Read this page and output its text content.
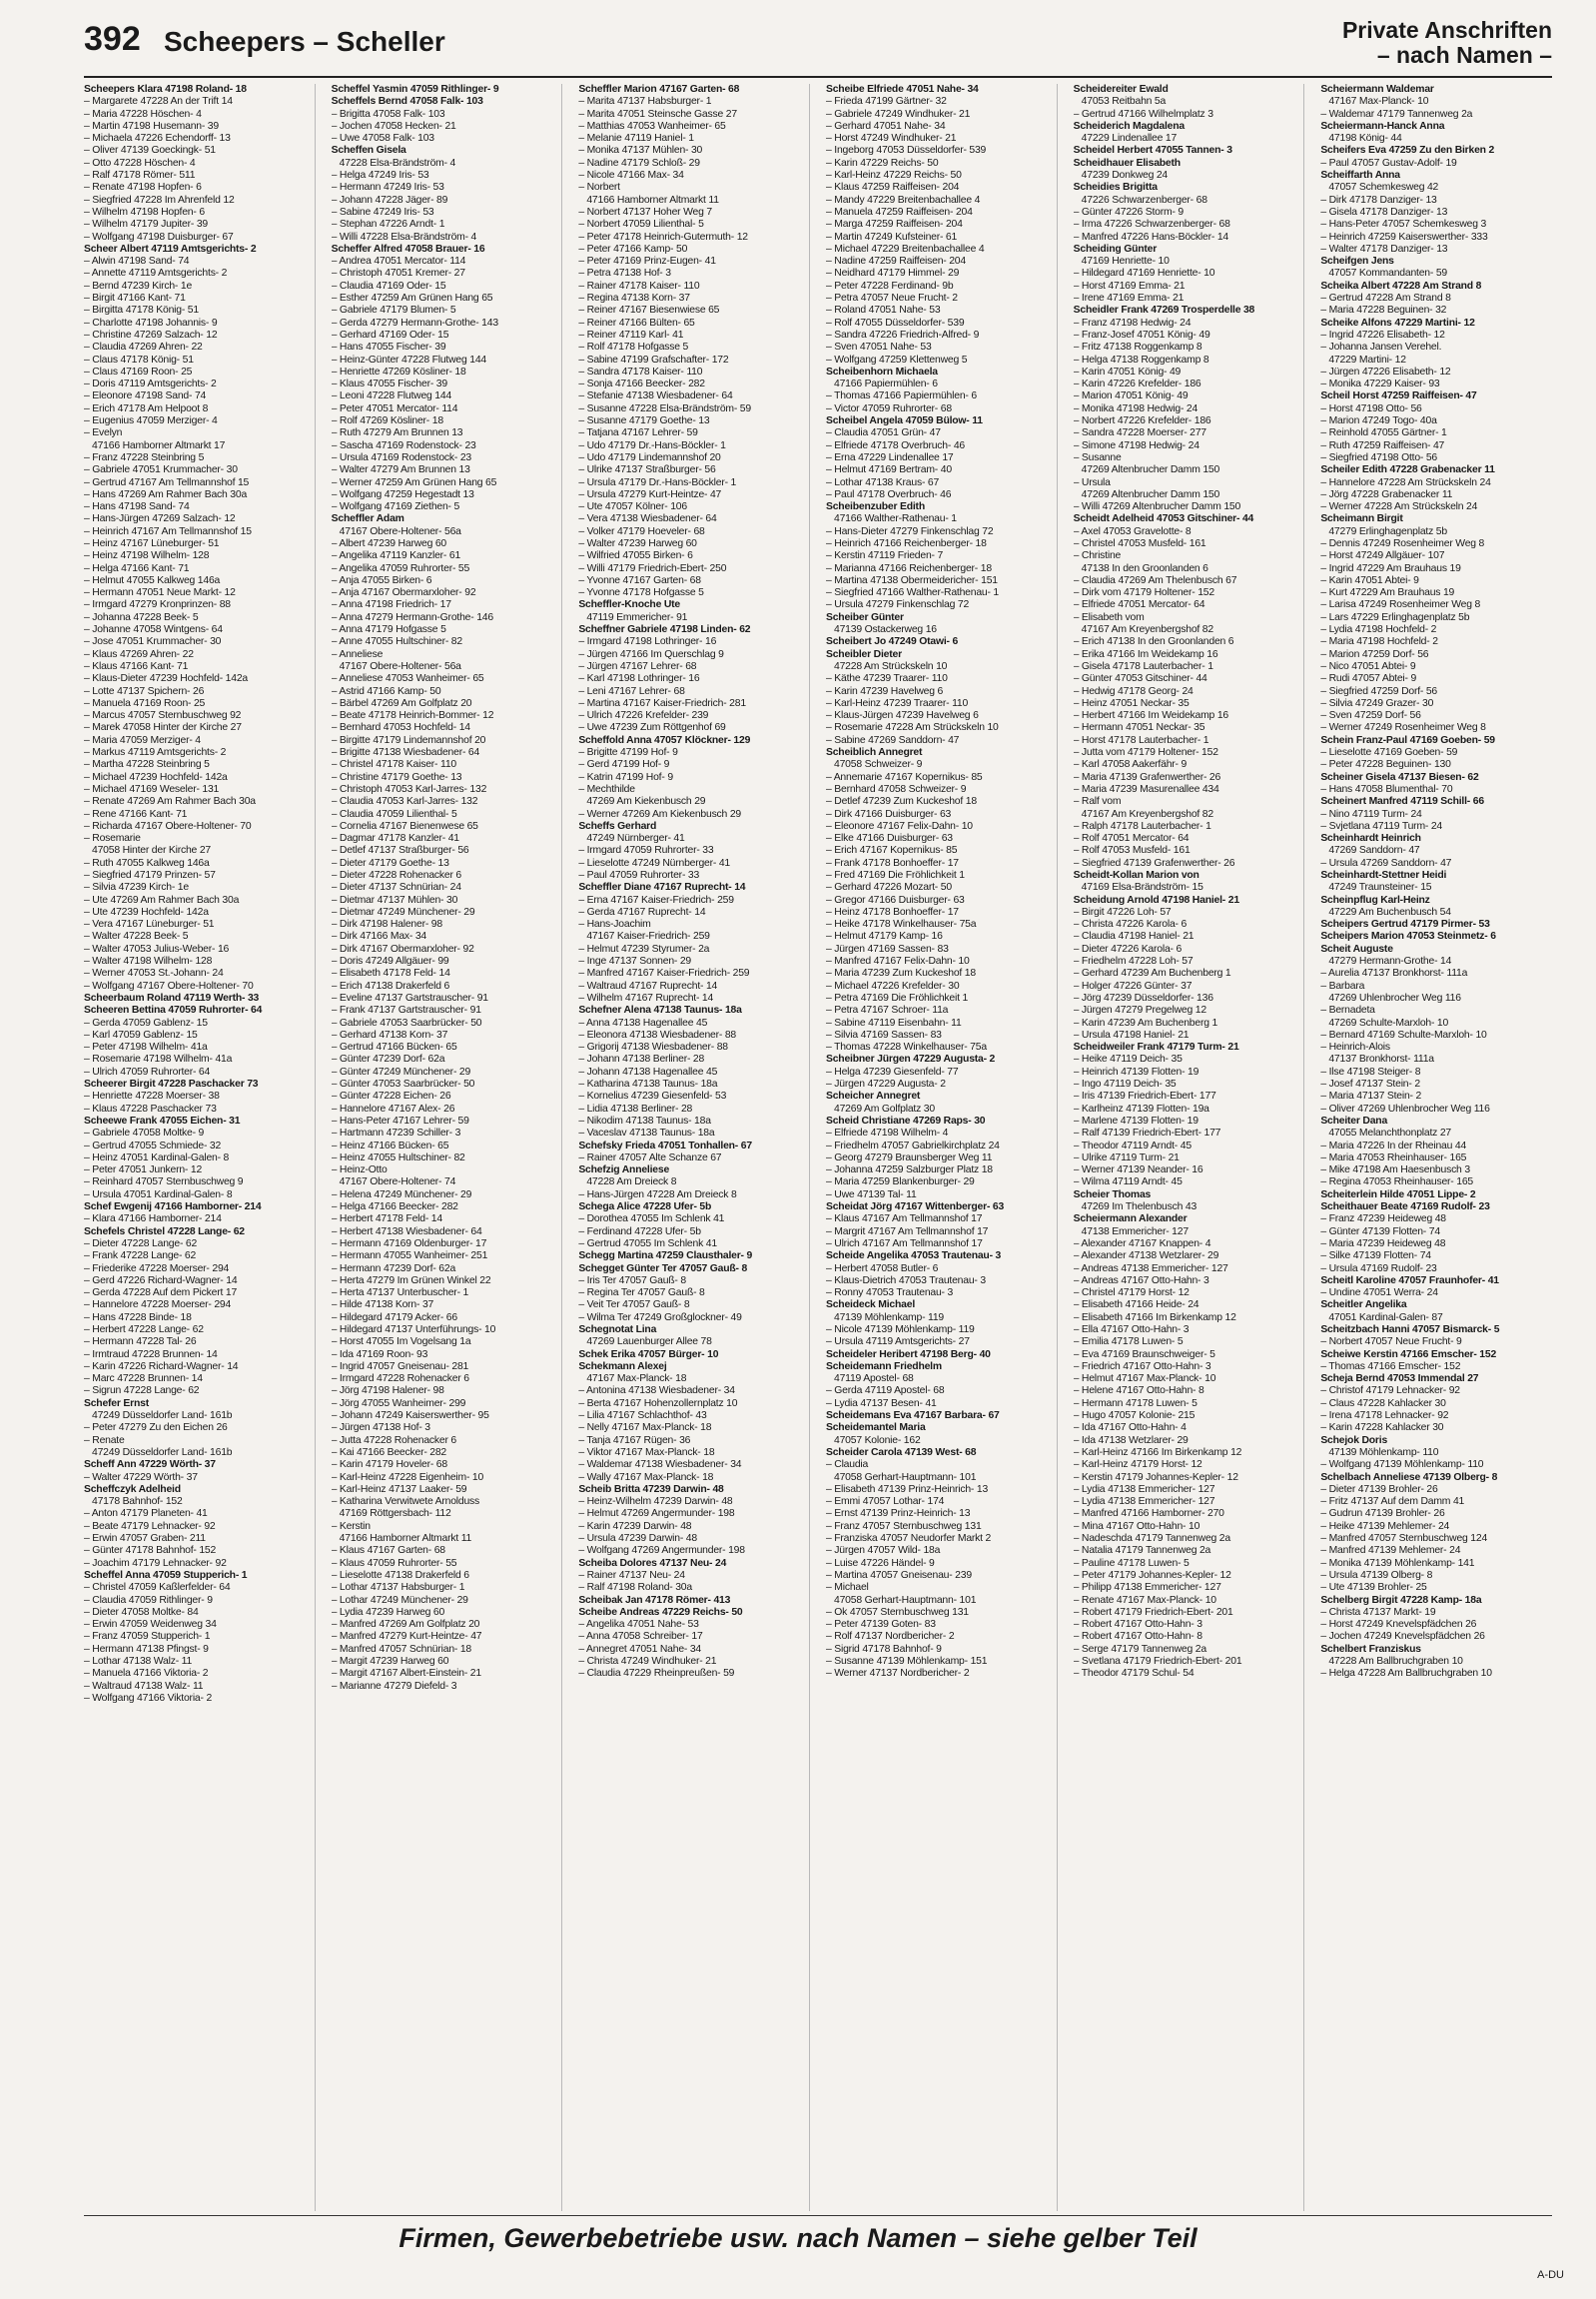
392 Scheepers – Scheller	Private Anschriften
– nach Namen –
Scheepers Klara 47198 Roland- 18
– Margarete 47228 An der Trift 14
– Maria 47228 Höschen- 4
– Martin 47198 Husemann- 39
– Michaela 47226 Echendorff- 13
– Oliver 47139 Goeckingk- 51
– Otto 47228 Höschen- 4
– Ralf 47178 Römer- 511
– Renate 47198 Hopfen- 6
– Siegfried 47228 Im Ahrenfeld 12
– Wilhelm 47198 Hopfen- 6
– Wilhelm 47179 Jupiter- 39
– Wolfgang 47198 Duisburger- 67
Scheer Albert 47119 Amtsgerichts- 2
– Alwin 47198 Sand- 74
– Annette 47119 Amtsgerichts- 2
– Bernd 47239 Kirch- 1e
– Birgit 47166 Kant- 71
– Birgitta 47178 König- 51
– Charlotte 47198 Johannis- 9
– Christine 47269 Salzach- 12
– Claudia 47269 Ahren- 22
– Claus 47178 König- 51
– Claus 47169 Roon- 25
– Doris 47119 Amtsgerichts- 2
– Eleonore 47198 Sand- 74
– Erich 47178 Am Helpoot 8
– Eugenius 47059 Merziger- 4
– Evelyn
47166 Hamborner Altmarkt 17
– Franz 47228 Steinbring 5
– Gabriele 47051 Krummacher- 30
– Gertrud 47167 Am Tellmannshof 15
– Hans 47269 Am Rahmer Bach 30a
– Hans 47198 Sand- 74
– Hans-Jürgen 47269 Salzach- 12
– Heinrich 47167 Am Tellmannshof 15
– Heinz 47167 Lüneburger- 51
– Heinz 47198 Wilhelm- 128
– Helga 47166 Kant- 71
– Helmut 47055 Kalkweg 146a
– Hermann 47051 Neue Markt- 12
– Irmgard 47279 Kronprinzen- 88
– Johanna 47228 Beek- 5
– Johanne 47058 Wintgens- 64
– Jose 47051 Krummacher- 30
– Klaus 47269 Ahren- 22
– Klaus 47166 Kant- 71
– Klaus-Dieter 47239 Hochfeld- 142a
– Lotte 47137 Spichern- 26
– Manuela 47169 Roon- 25
– Marcus 47057 Sternbuschweg 92
– Marek 47058 Hinter der Kirche 27
– Maria 47059 Merziger- 4
– Markus 47119 Amtsgerichts- 2
– Martha 47228 Steinbring 5
– Michael 47239 Hochfeld- 142a
– Michael 47169 Weseler- 131
– Renate 47269 Am Rahmer Bach 30a
– Rene 47166 Kant- 71
– Richarda 47167 Obere-Holtener- 70
– Rosemarie
47058 Hinter der Kirche 27
– Ruth 47055 Kalkweg 146a
– Siegfried 47179 Prinzen- 57
– Silvia 47239 Kirch- 1e
– Ute 47269 Am Rahmer Bach 30a
– Ute 47239 Hochfeld- 142a
– Vera 47167 Lüneburger- 51
– Walter 47228 Beek- 5
– Walter 47053 Julius-Weber- 16
– Walter 47198 Wilhelm- 128
– Werner 47053 St.-Johann- 24
– Wolfgang 47167 Obere-Holtener- 70
Scheerbaum Roland 47119 Werth- 33
Scheeren Bettina 47059 Ruhrorter- 64
– Gerda 47059 Gablenz- 15
– Karl 47059 Gablenz- 15
– Peter 47198 Wilhelm- 41a
– Rosemarie 47198 Wilhelm- 41a
– Ulrich 47059 Ruhrorter- 64
Scheerer Birgit 47228 Paschacker 73
– Henriette 47228 Moerser- 38
– Klaus 47228 Paschacker 73
Scheewe Frank 47055 Eichen- 31
– Gabriele 47058 Moltke- 9
– Gertrud 47055 Schmiede- 32
– Heinz 47051 Kardinal-Galen- 8
– Peter 47051 Junkern- 12
– Reinhard 47057 Sternbuschweg 9
– Ursula 47051 Kardinal-Galen- 8
Schef Ewgenij 47166 Hamborner- 214
– Klara 47166 Hamborner- 214
Schefels Christel 47228 Lange- 62
– Dieter 47228 Lange- 62
– Frank 47228 Lange- 62
– Friederike 47228 Moerser- 294
– Gerd 47226 Richard-Wagner- 14
– Gerda 47228 Auf dem Pickert 17
– Hannelore 47228 Moerser- 294
– Hans 47228 Binde- 18
– Herbert 47228 Lange- 62
– Hermann 47228 Tal- 26
– Irmtraud 47228 Brunnen- 14
– Karin 47226 Richard-Wagner- 14
– Marc 47228 Brunnen- 14
– Sigrun 47228 Lange- 62
Schefer Ernst
47249 Düsseldorfer Land- 161b
– Peter 47279 Zu den Eichen 26
– Renate
47249 Düsseldorfer Land- 161b
Scheff Ann 47229 Wörth- 37
– Walter 47229 Wörth- 37
Scheffczyk Adelheid
47178 Bahnhof- 152
– Anton 47179 Planeten- 41
– Beate 47179 Lehnacker- 92
– Erwin 47057 Graben- 211
– Günter 47178 Bahnhof- 152
– Joachim 47179 Lehnacker- 92
Scheffel Anna 47059 Stupperich- 1
– Christel 47059 Kaßlerfelder- 64
– Claudia 47059 Rithlinger- 9
– Dieter 47058 Moltke- 84
– Erwin 47059 Weidenweg 34
– Franz 47059 Stupperich- 1
– Hermann 47138 Pfingst- 9
– Lothar 47138 Walz- 11
– Manuela 47166 Viktoria- 2
– Waltraud 47138 Walz- 11
– Wolfgang 47166 Viktoria- 2
Scheffel Yasmin 47059 Rithlinger- 9
Scheffels Bernd 47058 Falk- 103
– Brigitta 47058 Falk- 103
– Jochen 47058 Hecken- 21
– Uwe 47058 Falk- 103
Scheffen Gisela
47228 Elsa-Brändström- 4
– Helga 47249 Iris- 53
– Hermann 47249 Iris- 53
– Johann 47228 Jäger- 89
– Sabine 47249 Iris- 53
– Stephan 47226 Arndt- 1
– Willi 47228 Elsa-Brändström- 4
Scheffer Alfred 47058 Brauer- 16
– Andrea 47051 Mercator- 114
– Christoph 47051 Kremer- 27
– Claudia 47169 Oder- 15
– Esther 47259 Am Grünen Hang 65
– Gabriele 47179 Blumen- 5
– Gerda 47279 Hermann-Grothe- 143
– Gerhard 47169 Oder- 15
– Hans 47055 Fischer- 39
– Heinz-Günter 47228 Flutweg 144
– Henriette 47269 Kösliner- 18
– Klaus 47055 Fischer- 39
– Leoni 47228 Flutweg 144
– Peter 47051 Mercator- 114
– Rolf 47269 Kösliner- 18
– Ruth 47279 Am Brunnen 13
– Sascha 47169 Rodenstock- 23
– Ursula 47169 Rodenstock- 23
– Walter 47279 Am Brunnen 13
– Werner 47259 Am Grünen Hang 65
– Wolfgang 47259 Hegestadt 13
– Wolfgang 47169 Ziethen- 5
Scheffler Adam
47167 Obere-Holtener- 56a
– Albert 47239 Harweg 60
– Angelika 47119 Kanzler- 61
– Angelika 47059 Ruhrorter- 55
– Anja 47055 Birken- 6
– Anja 47167 Obermarxloher- 92
– Anna 47198 Friedrich- 17
– Anna 47279 Hermann-Grothe- 146
– Anna 47179 Hofgasse 5
– Anne 47055 Hultschiner- 82
– Anneliese
47167 Obere-Holtener- 56a
– Anneliese 47053 Wanheimer- 65
– Astrid 47166 Kamp- 50
– Bärbel 47269 Am Golfplatz 20
– Beate 47178 Heinrich-Bommer- 12
– Bernhard 47053 Hochfeld- 14
– Birgitte 47179 Lindemannshof 20
– Brigitte 47138 Wiesbadener- 64
– Christel 47178 Kaiser- 110
– Christine 47179 Goethe- 13
– Christoph 47053 Karl-Jarres- 132
– Claudia 47053 Karl-Jarres- 132
– Claudia 47059 Lilienthal- 5
– Cornelia 47167 Bienenwese 65
– Dagmar 47178 Kanzler- 41
– Detlef 47137 Straßburger- 56
– Dieter 47179 Goethe- 13
– Dieter 47228 Rohenacker 6
– Dieter 47137 Schnürian- 24
– Dietmar 47137 Mühlen- 30
– Dietmar 47249 Münchener- 29
– Dirk 47198 Halener- 98
– Dirk 47166 Max- 34
– Dirk 47167 Obermarxloher- 92
– Doris 47249 Allgäuer- 99
– Elisabeth 47178 Feld- 14
– Erich 47138 Drakerfeld 6
– Eveline 47137 Gartstrauscher- 91
– Frank 47137 Gartstrauscher- 91
– Gabriele 47053 Saarbrücker- 50
– Gerhard 47138 Korn- 37
– Gertrud 47166 Bücken- 65
– Günter 47239 Dorf- 62a
– Günter 47249 Münchener- 29
– Günter 47053 Saarbrücker- 50
– Günter 47228 Eichen- 26
– Hannelore 47167 Alex- 26
– Hans-Peter 47167 Lehrer- 59
– Hartmann 47239 Schiller- 3
– Heinz 47166 Bücken- 65
– Heinz 47055 Hultschiner- 82
– Heinz-Otto
47167 Obere-Holtener- 74
– Helena 47249 Münchener- 29
– Helga 47166 Beecker- 282
– Herbert 47178 Feld- 14
– Herbert 47138 Wiesbadener- 64
– Hermann 47169 Oldenburger- 17
– Hermann 47055 Wanheimer- 251
– Hermann 47239 Dorf- 62a
– Herta 47279 Im Grünen Winkel 22
– Herta 47137 Unterbuscher- 1
– Hilde 47138 Korn- 37
– Hildegard 47179 Acker- 66
– Hildegard 47137 Unterführungs- 10
– Horst 47055 Im Vogelsang 1a
– Ida 47169 Roon- 93
– Ingrid 47057 Gneisenau- 281
– Irmgard 47228 Rohenacker 6
– Jörg 47198 Halener- 98
– Jörg 47055 Wanheimer- 299
– Johann 47249 Kaiserswerther- 95
– Jürgen 47138 Hof- 3
– Jutta 47228 Rohenacker 6
– Kai 47166 Beecker- 282
– Karin 47179 Hoveler- 68
– Karl-Heinz 47228 Eigenheim- 10
– Karl-Heinz 47137 Laaker- 59
– Katharina Verwitwete Arnolduss
47169 Röttgersbach- 112
– Kerstin
47166 Hamborner Altmarkt 11
– Klaus 47167 Garten- 68
– Klaus 47059 Ruhrorter- 55
– Lieselotte 47138 Drakerfeld 6
– Lothar 47137 Habsburger- 1
– Lothar 47249 Münchener- 29
– Lydia 47239 Harweg 60
– Manfred 47269 Am Golfplatz 20
– Manfred 47279 Kurt-Heintze- 47
– Manfred 47057 Schnürian- 18
– Margit 47239 Harweg 60
– Margit 47167 Albert-Einstein- 21
– Marianne 47279 Diefeld- 3
Scheffler Marion 47167 Garten- 68
– Marita 47137 Habsburger- 1
– Marita 47051 Steinsche Gasse 27
– Matthias 47053 Wanheimer- 65
– Melanie 47119 Haniel- 1
– Monika 47137 Mühlen- 30
– Nadine 47179 Schloß- 29
– Nicole 47166 Max- 34
– Norbert
47166 Hamborner Altmarkt 11
– Norbert 47137 Hoher Weg 7
– Norbert 47059 Lilienthal- 5
– Peter 47178 Heinrich-Gutermuth- 12
– Peter 47166 Kamp- 50
– Peter 47169 Prinz-Eugen- 41
– Petra 47138 Hof- 3
– Rainer 47178 Kaiser- 110
– Regina 47138 Korn- 37
– Reiner 47167 Biesenwiese 65
– Reiner 47166 Bülten- 65
– Reiner 47119 Karl- 41
– Rolf 47178 Hofgasse 5
– Sabine 47199 Grafschafter- 172
– Sandra 47178 Kaiser- 110
– Sonja 47166 Beecker- 282
– Stefanie 47138 Wiesbadener- 64
– Susanne 47228 Elsa-Brändström- 59
– Susanne 47179 Goethe- 13
– Tatjana 47167 Lehrer- 59
– Udo 47179 Dr.-Hans-Böckler- 1
– Udo 47179 Lindemannshof 20
– Ulrike 47137 Straßburger- 56
– Ursula 47179 Dr.-Hans-Böckler- 1
– Ursula 47279 Kurt-Heintze- 47
– Ute 47057 Kölner- 106
– Vera 47138 Wiesbadener- 64
– Volker 47179 Hoeveler- 68
– Walter 47239 Harweg 60
– Wilfried 47055 Birken- 6
– Willi 47179 Friedrich-Ebert- 250
– Yvonne 47167 Garten- 68
– Yvonne 47178 Hofgasse 5
Scheffler-Knoche Ute
47119 Emmericher- 91
Scheffner Gabriele 47198 Linden- 62
– Irmgard 47198 Lothringer- 16
– Jürgen 47166 Im Querschlag 9
– Jürgen 47167 Lehrer- 68
– Karl 47198 Lothringer- 16
– Leni 47167 Lehrer- 68
– Martina 47167 Kaiser-Friedrich- 281
– Ulrich 47226 Krefelder- 239
– Uwe 47239 Zum Röttgenhof 69
Scheffold Anna 47057 Klöckner- 129
– Brigitte 47199 Hof- 9
– Gerd 47199 Hof- 9
– Katrin 47199 Hof- 9
– Mechthilde
47269 Am Kiekenbusch 29
– Werner 47269 Am Kiekenbusch 29
Scheffs Gerhard
47249 Nürnberger- 41
– Irmgard 47059 Ruhrorter- 33
– Lieselotte 47249 Nürnberger- 41
– Paul 47059 Ruhrorter- 33
Scheffler Diane 47167 Ruprecht- 14
– Erna 47167 Kaiser-Friedrich- 259
– Gerda 47167 Ruprecht- 14
– Hans-Joachim
47167 Kaiser-Friedrich- 259
– Helmut 47239 Styrumer- 2a
– Inge 47137 Sonnen- 29
– Manfred 47167 Kaiser-Friedrich- 259
– Waltraud 47167 Ruprecht- 14
– Wilhelm 47167 Ruprecht- 14
Schefner Alena 47138 Taunus- 18a
– Anna 47138 Hagenallee 45
– Eleonora 47138 Wiesbadener- 88
– Grigorij 47138 Wiesbadener- 88
– Johann 47138 Berliner- 28
– Johann 47138 Hagenallee 45
– Katharina 47138 Taunus- 18a
– Kornelius 47239 Giesenfeld- 53
– Lidia 47138 Berliner- 28
– Nikodim 47138 Taunus- 18a
– Vaceslav 47138 Taunus- 18a
Schefsky Frieda 47051 Tonhallen- 67
– Rainer 47057 Alte Schanze 67
Schefzig Anneliese
47228 Am Dreieck 8
– Hans-Jürgen 47228 Am Dreieck 8
Schega Alice 47228 Ufer- 5b
– Dorothea 47055 Im Schlenk 41
– Ferdinand 47228 Ufer- 5b
– Gertrud 47055 Im Schlenk 41
Schegg Martina 47259 Clausthaler- 9
Schegget Günter Ter 47057 Gauß- 8
– Iris Ter 47057 Gauß- 8
– Regina Ter 47057 Gauß- 8
– Veit Ter 47057 Gauß- 8
– Wilma Ter 47249 Großglockner- 49
Schegnotat Lina
47269 Lauenburger Allee 78
Schek Erika 47057 Bürger- 10
Schekmann Alexej
47167 Max-Planck- 18
– Antonina 47138 Wiesbadener- 34
– Berta 47167 Hohenzollernplatz 10
– Lilia 47167 Schlachthof- 43
– Nelly 47167 Max-Planck- 18
– Tanja 47167 Rügen- 36
– Viktor 47167 Max-Planck- 18
– Waldemar 47138 Wiesbadener- 34
– Wally 47167 Max-Planck- 18
Scheib Britta 47239 Darwin- 48
– Heinz-Wilhelm 47239 Darwin- 48
– Helmut 47269 Angermunder- 198
– Karin 47239 Darwin- 48
– Ursula 47239 Darwin- 48
– Wolfgang 47269 Angermunder- 198
Scheiba Dolores 47137 Neu- 24
– Rainer 47137 Neu- 24
– Ralf 47198 Roland- 30a
Scheibak Jan 47178 Römer- 413
Scheibe Andreas 47229 Reichs- 50
– Angelika 47051 Nahe- 53
– Anna 47058 Schreiber- 17
– Annegret 47051 Nahe- 34
– Christa 47249 Windhuker- 21
– Claudia 47229 Rheinpreußen- 59
Scheibe Elfriede 47051 Nahe- 34
– Frieda 47199 Gärtner- 32
– Gabriele 47249 Windhuker- 21
– Gerhard 47051 Nahe- 34
– Horst 47249 Windhuker- 21
– Ingeborg 47053 Düsseldorfer- 539
– Karin 47229 Reichs- 50
– Karl-Heinz 47229 Reichs- 50
– Klaus 47259 Raiffeisen- 204
– Mandy 47229 Breitenbachallee 4
– Manuela 47259 Raiffeisen- 204
– Marga 47259 Raiffeisen- 204
– Martin 47249 Kufsteiner- 61
– Michael 47229 Breitenbachallee 4
– Nadine 47259 Raiffeisen- 204
– Neidhard 47179 Himmel- 29
– Peter 47228 Ferdinand- 9b
– Petra 47057 Neue Frucht- 2
– Roland 47051 Nahe- 53
– Rolf 47055 Düsseldorfer- 539
– Sandra 47226 Friedrich-Alfred- 9
– Sven 47051 Nahe- 53
– Wolfgang 47259 Klettenweg 5
Scheibenhorn Michaela
47166 Papiermühlen- 6
– Thomas 47166 Papiermühlen- 6
– Victor 47059 Ruhrorter- 68
Scheibel Angela 47059 Bülow- 11
– Claudia 47051 Grün- 47
– Elfriede 47178 Overbruch- 46
– Erna 47229 Lindenallee 17
– Helmut 47169 Bertram- 40
– Lothar 47138 Kraus- 67
– Paul 47178 Overbruch- 46
Scheibenzuber Edith
47166 Walther-Rathenau- 1
– Hans-Dieter 47279 Finkenschlag 72
– Heinrich 47166 Reichenberger- 18
– Kerstin 47119 Frieden- 7
– Marianna 47166 Reichenberger- 18
– Martina 47138 Obermeidericher- 151
– Siegfried 47166 Walther-Rathenau- 1
– Ursula 47279 Finkenschlag 72
Scheiber Günter
47139 Ostackerweg 16
Scheibert Jo 47249 Otawi- 6
Scheibler Dieter
47228 Am Strückskeln 10
– Käthe 47239 Traarer- 110
– Karin 47239 Havelweg 6
– Karl-Heinz 47239 Traarer- 110
– Klaus-Jürgen 47239 Havelweg 6
– Rosemarie 47228 Am Strückskeln 10
– Sabine 47269 Sanddorn- 47
Scheiblich Annegret
47058 Schweizer- 9
– Annemarie 47167 Kopernikus- 85
– Bernhard 47058 Schweizer- 9
– Detlef 47239 Zum Kuckeshof 18
– Dirk 47166 Duisburger- 63
– Eleonore 47167 Felix-Dahn- 10
– Elke 47166 Duisburger- 63
– Erich 47167 Kopernikus- 85
– Frank 47178 Bonhoeffer- 17
– Fred 47169 Die Fröhlichkeit 1
– Gerhard 47226 Mozart- 50
– Gregor 47166 Duisburger- 63
– Heinz 47178 Bonhoeffer- 17
– Heike 47178 Winkelhauser- 75a
– Helmut 47179 Kamp- 16
– Jürgen 47169 Sassen- 83
– Manfred 47167 Felix-Dahn- 10
– Maria 47239 Zum Kuckeshof 18
– Michael 47226 Krefelder- 30
– Petra 47169 Die Fröhlichkeit 1
– Petra 47167 Schroer- 11a
– Sabine 47119 Eisenbahn- 11
– Silvia 47169 Sassen- 83
– Thomas 47228 Winkelhauser- 75a
Scheibner Jürgen 47229 Augusta- 2
– Helga 47239 Giesenfeld- 77
– Jürgen 47229 Augusta- 2
Scheicher Annegret
47269 Am Golfplatz 30
Scheid Christiane 47269 Raps- 30
– Elfriede 47198 Wilhelm- 4
– Friedhelm 47057 Gabrielkirchplatz 24
– Georg 47279 Braunsberger Weg 11
– Johanna 47259 Salzburger Platz 18
– Maria 47259 Blankenburger- 29
– Uwe 47139 Tal- 11
Scheidat Jörg 47167 Wittenberger- 63
– Klaus 47167 Am Tellmannshof 17
– Margrit 47167 Am Tellmannshof 17
– Ulrich 47167 Am Tellmannshof 17
Scheide Angelika 47053 Trautenau- 3
– Herbert 47058 Butler- 6
– Klaus-Dietrich 47053 Trautenau- 3
– Ronny 47053 Trautenau- 3
Scheideck Michael
47139 Möhlenkamp- 119
– Nicole 47139 Möhlenkamp- 119
– Ursula 47119 Amtsgerichts- 27
Scheideler Heribert 47198 Berg- 40
Scheidemann Friedhelm
47119 Apostel- 68
– Gerda 47119 Apostel- 68
– Lydia 47137 Besen- 41
Scheidemans Eva 47167 Barbara- 67
Scheidemantel Maria
47057 Kolonie- 162
Scheider Carola 47139 West- 68
– Claudia
47058 Gerhart-Hauptmann- 101
– Elisabeth 47139 Prinz-Heinrich- 13
– Emmi 47057 Lothar- 174
– Ernst 47139 Prinz-Heinrich- 13
– Franz 47057 Sternbuschweg 131
– Franziska 47057 Neudorfer Markt 2
– Jürgen 47057 Wild- 18a
– Luise 47226 Händel- 9
– Martina 47057 Gneisenau- 239
– Michael
47058 Gerhart-Hauptmann- 101
– Ok 47057 Sternbuschweg 131
– Peter 47139 Goten- 83
– Rolf 47137 Nordbericher- 2
– Sigrid 47178 Bahnhof- 9
– Susanne 47139 Möhlenkamp- 151
– Werner 47137 Nordbericher- 2
Scheidereiter Ewald
47053 Reitbahn 5a
– Gertrud 47166 Wilhelmplatz 3
Scheiderich Magdalena
47229 Lindenallee 17
Scheidel Herbert 47055 Tannen- 3
Scheidhauer Elisabeth
47239 Donkweg 24
Scheidies Brigitta
47226 Schwarzenberger- 68
– Günter 47226 Storm- 9
– Irma 47226 Schwarzenberger- 68
– Manfred 47226 Hans-Böckler- 14
Scheiding Günter
47169 Henriette- 10
– Hildegard 47169 Henriette- 10
– Horst 47169 Emma- 21
– Irene 47169 Emma- 21
Scheidler Frank 47269 Trosperdelle 38
– Franz 47198 Hedwig- 24
– Franz-Josef 47051 König- 49
– Fritz 47138 Roggenkamp 8
– Helga 47138 Roggenkamp 8
– Karin 47051 König- 49
– Karin 47226 Krefelder- 186
– Marion 47051 König- 49
– Monika 47198 Hedwig- 24
– Norbert 47226 Krefelder- 186
– Sandra 47228 Moerser- 277
– Simone 47198 Hedwig- 24
– Susanne
47269 Altenbrucher Damm 150
– Ursula
47269 Altenbrucher Damm 150
– Willi 47269 Altenbrucher Damm 150
Scheidt Adelheid 47053 Gitschiner- 44
– Axel 47053 Gravelotte- 8
– Christel 47053 Musfeld- 161
– Christine
47138 In den Groonlanden 6
– Claudia 47269 Am Thelenbusch 67
– Dirk vom 47179 Holtener- 152
– Elfriede 47051 Mercator- 64
– Elisabeth vom
47167 Am Kreyenbergshof 82
– Erich 47138 In den Groonlanden 6
– Erika 47166 Im Weidekamp 16
– Gisela 47178 Lauterbacher- 1
– Günter 47053 Gitschiner- 44
– Hedwig 47178 Georg- 24
– Heinz 47051 Neckar- 35
– Herbert 47166 Im Weidekamp 16
– Hermann 47051 Neckar- 35
– Horst 47178 Lauterbacher- 1
– Jutta vom 47179 Holtener- 152
– Karl 47058 Aakerfähr- 9
– Maria 47139 Grafenwerther- 26
– Maria 47239 Masurenallee 434
– Ralf vom
47167 Am Kreyenbergshof 82
– Ralph 47178 Lauterbacher- 1
– Rolf 47051 Mercator- 64
– Rolf 47053 Musfeld- 161
– Siegfried 47139 Grafenwerther- 26
Scheidt-Kollan Marion von
47169 Elsa-Brändström- 15
Scheidung Arnold 47198 Haniel- 21
– Birgit 47226 Loh- 57
– Christa 47226 Karola- 6
– Claudia 47198 Haniel- 21
– Dieter 47226 Karola- 6
– Friedhelm 47228 Loh- 57
– Gerhard 47239 Am Buchenberg 1
– Holger 47226 Günter- 37
– Jörg 47239 Düsseldorfer- 136
– Jürgen 47279 Pregelweg 12
– Karin 47239 Am Buchenberg 1
– Ursula 47198 Haniel- 21
Scheidweiler Frank 47179 Turm- 21
– Heike 47119 Deich- 35
– Heinrich 47139 Flotten- 19
– Ingo 47119 Deich- 35
– Iris 47139 Friedrich-Ebert- 177
– Karlheinz 47139 Flotten- 19a
– Marlene 47139 Flotten- 19
– Ralf 47139 Friedrich-Ebert- 177
– Theodor 47119 Arndt- 45
– Ulrike 47119 Turm- 21
– Werner 47139 Neander- 16
– Wilma 47119 Arndt- 45
Scheier Thomas
47269 Im Thelenbusch 43
Scheiermann Alexander
47138 Emmericher- 127
– Alexander 47167 Knappen- 4
– Alexander 47138 Wetzlarer- 29
– Andreas 47138 Emmericher- 127
– Andreas 47167 Otto-Hahn- 3
– Christel 47179 Horst- 12
– Elisabeth 47166 Heide- 24
– Elisabeth 47166 Im Birkenkamp 12
– Ella 47167 Otto-Hahn- 3
– Emilia 47178 Luwen- 5
– Eva 47169 Braunschweiger- 5
– Friedrich 47167 Otto-Hahn- 3
– Helmut 47167 Max-Planck- 10
– Helene 47167 Otto-Hahn- 8
– Hermann 47178 Luwen- 5
– Hugo 47057 Kolonie- 215
– Ida 47167 Otto-Hahn- 4
– Ida 47138 Wetzlarer- 29
– Karl-Heinz 47166 Im Birkenkamp 12
– Karl-Heinz 47179 Horst- 12
– Kerstin 47179 Johannes-Kepler- 12
– Lydia 47138 Emmericher- 127
– Lydia 47138 Emmericher- 127
– Manfred 47166 Hamborner- 270
– Mina 47167 Otto-Hahn- 10
– Nadeschda 47179 Tannenweg 2a
– Natalia 47179 Tannenweg 2a
– Pauline 47178 Luwen- 5
– Peter 47179 Johannes-Kepler- 12
– Philipp 47138 Emmericher- 127
– Renate 47167 Max-Planck- 10
– Robert 47179 Friedrich-Ebert- 201
– Robert 47167 Otto-Hahn- 3
– Robert 47167 Otto-Hahn- 8
– Serge 47179 Tannenweg 2a
– Svetlana 47179 Friedrich-Ebert- 201
– Theodor 47179 Schul- 54
Scheiermann Waldemar
47167 Max-Planck- 10
– Waldemar 47179 Tannenweg 2a
Scheiermann-Hanck Anna
47198 König- 44
Scheifers Eva 47259 Zu den Birken 2
– Paul 47057 Gustav-Adolf- 19
Scheiffarth Anna
47057 Schemkesweg 42
– Dirk 47178 Danziger- 13
– Gisela 47178 Danziger- 13
– Hans-Peter 47057 Schemkesweg 3
– Heinrich 47259 Kaiserswerther- 333
– Walter 47178 Danziger- 13
Scheifgen Jens
47057 Kommandanten- 59
Scheika Albert 47228 Am Strand 8
– Gertrud 47228 Am Strand 8
– Maria 47228 Beguinen- 32
Scheike Alfons 47229 Martini- 12
– Ingrid 47226 Elisabeth- 12
– Johanna Jansen Verehel.
47229 Martini- 12
– Jürgen 47226 Elisabeth- 12
– Monika 47229 Kaiser- 93
Scheil Horst 47259 Raiffeisen- 47
– Horst 47198 Otto- 56
– Marion 47249 Togo- 40a
– Reinhold 47055 Gärtner- 1
– Ruth 47259 Raiffeisen- 47
– Siegfried 47198 Otto- 56
Scheiler Edith 47228 Grabenacker 11
– Hannelore 47228 Am Strückskeln 24
– Jörg 47228 Grabenacker 11
– Werner 47228 Am Strückskeln 24
Scheimann Birgit
47279 Erlinghagenplatz 5b
– Dennis 47249 Rosenheimer Weg 8
– Horst 47249 Allgäuer- 107
– Ingrid 47229 Am Brauhaus 19
– Karin 47051 Abtei- 9
– Kurt 47229 Am Brauhaus 19
– Larisa 47249 Rosenheimer Weg 8
– Lars 47229 Erlinghagenplatz 5b
– Lydia 47198 Hochfeld- 2
– Maria 47198 Hochfeld- 2
– Marion 47259 Dorf- 56
– Nico 47051 Abtei- 9
– Rudi 47057 Abtei- 9
– Siegfried 47259 Dorf- 56
– Silvia 47249 Grazer- 30
– Sven 47259 Dorf- 56
– Werner 47249 Rosenheimer Weg 8
Schein Franz-Paul 47169 Goeben- 59
– Lieselotte 47169 Goeben- 59
– Peter 47228 Beguinen- 130
Scheiner Gisela 47137 Biesen- 62
– Hans 47058 Blumenthal- 70
Scheinert Manfred 47119 Schill- 66
– Nino 47119 Turm- 24
– Svjetlana 47119 Turm- 24
Scheinhardt Heinrich
47269 Sanddorn- 47
– Ursula 47269 Sanddorn- 47
Scheinhardt-Stettner Heidi
47249 Traunsteiner- 15
Scheinpflug Karl-Heinz
47229 Am Buchenbusch 54
Scheipers Gertrud 47179 Pirmer- 53
Scheipers Marion 47053 Steinmetz- 6
Scheit Auguste
47279 Hermann-Grothe- 14
– Aurelia 47137 Bronkhorst- 111a
– Barbara
47269 Uhlenbrocher Weg 116
– Bernadeta
47269 Schulte-Marxloh- 10
– Bernard 47169 Schulte-Marxloh- 10
– Heinrich-Alois
47137 Bronkhorst- 111a
– Ilse 47198 Steiger- 8
– Josef 47137 Stein- 2
– Maria 47137 Stein- 2
– Oliver 47269 Uhlenbrocher Weg 116
Scheiter Dana
47055 Melanchthonplatz 27
– Maria 47226 In der Rheinau 44
– Maria 47053 Rheinhauser- 165
– Mike 47198 Am Haesenbusch 3
– Regina 47053 Rheinhauser- 165
Scheiterlein Hilde 47051 Lippe- 2
Scheithauer Beate 47169 Rudolf- 23
– Franz 47239 Heideweg 48
– Günter 47139 Flotten- 74
– Maria 47239 Heideweg 48
– Silke 47139 Flotten- 74
– Ursula 47169 Rudolf- 23
Scheitl Karoline 47057 Fraunhofer- 41
– Undine 47051 Werra- 24
Scheitler Angelika
47051 Kardinal-Galen- 87
Scheitzbach Hanni 47057 Bismarck- 5
– Norbert 47057 Neue Frucht- 9
Scheiwe Kerstin 47166 Emscher- 152
– Thomas 47166 Emscher- 152
Scheja Bernd 47053 Immendal 27
– Christof 47179 Lehnacker- 92
– Claus 47228 Kahlacker 30
– Irena 47178 Lehnacker- 92
– Karin 47228 Kahlacker 30
Schejok Doris
47139 Möhlenkamp- 110
– Wolfgang 47139 Möhlenkamp- 110
Schelbach Anneliese 47139 Olberg- 8
– Dieter 47139 Brohler- 26
– Fritz 47137 Auf dem Damm 41
– Gudrun 47139 Brohler- 26
– Heike 47139 Mehlemer- 24
– Manfred 47057 Sternbuschweg 124
– Manfred 47139 Mehlemer- 24
– Monika 47139 Möhlenkamp- 141
– Ursula 47139 Olberg- 8
– Ute 47139 Brohler- 25
Schelberg Birgit 47228 Kamp- 18a
– Christa 47137 Markt- 19
– Horst 47249 Knevelspfädchen 26
– Jochen 47249 Knevelspfädchen 26
Schelbert Franziskus
47228 Am Ballbruchgraben 10
– Helga 47228 Am Ballbruchgraben 10
Firmen, Gewerbebetriebe usw. nach Namen – siehe gelber Teil
A-DU
